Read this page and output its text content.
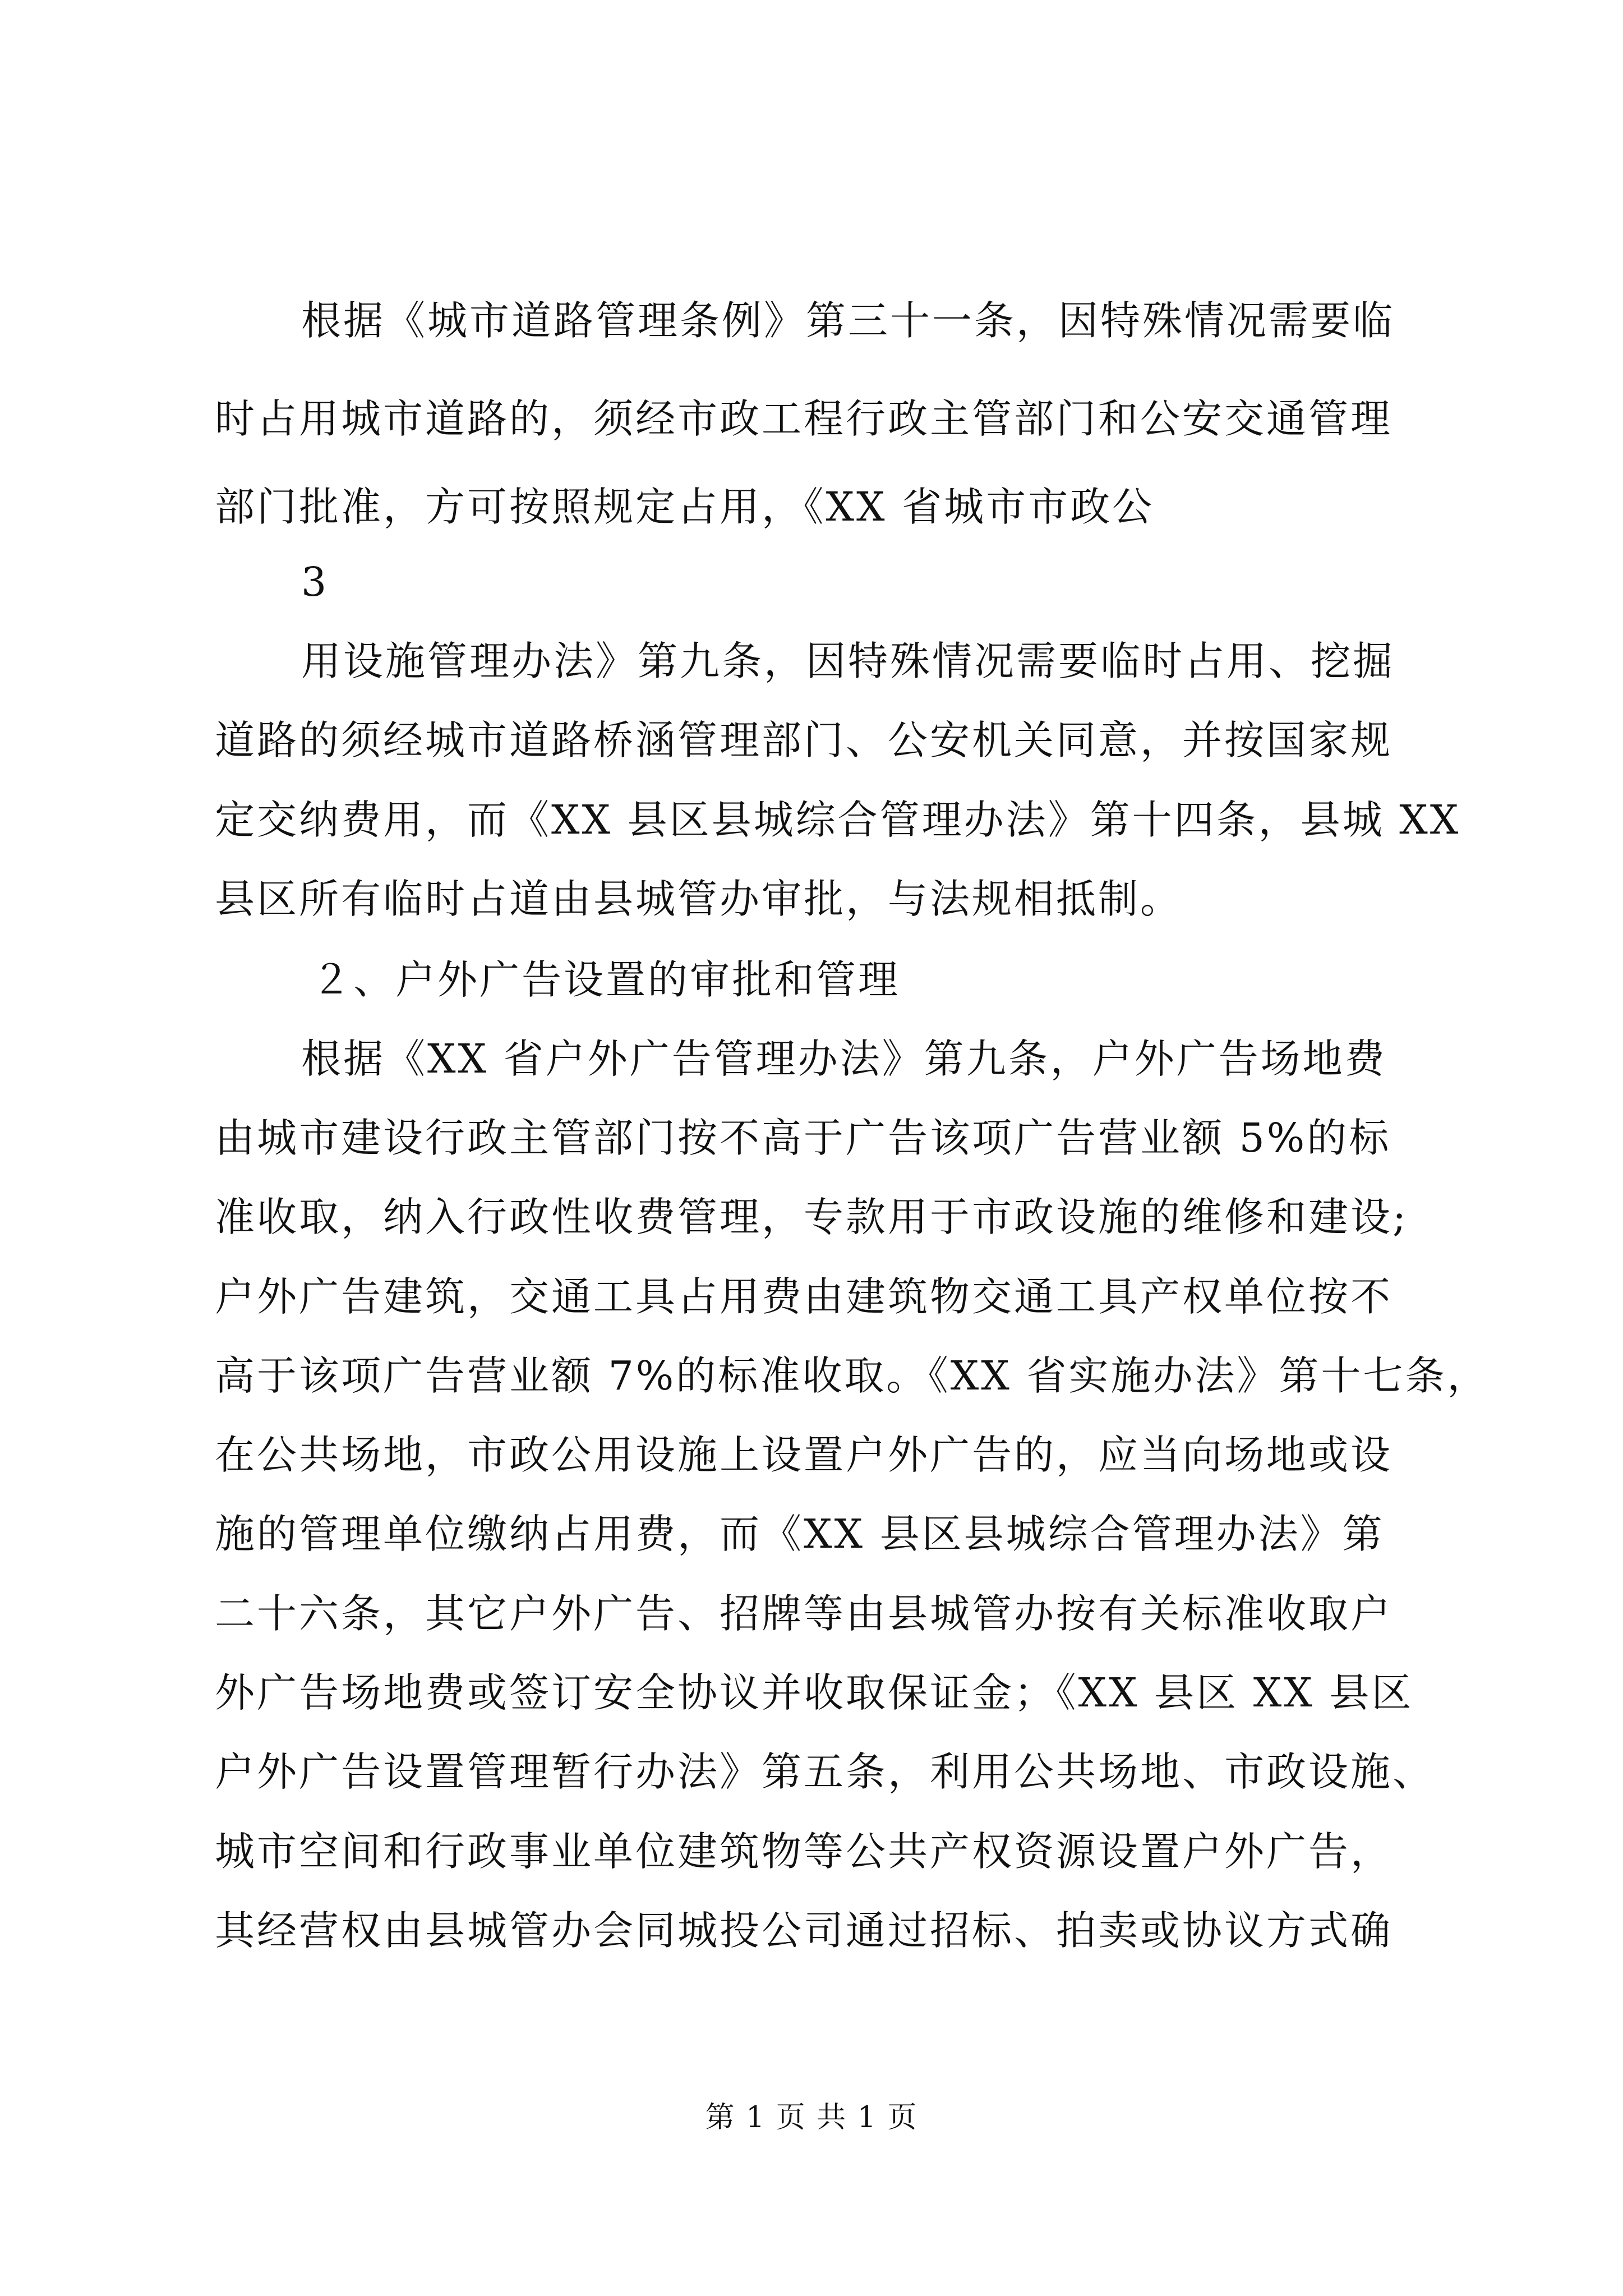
根据《城市道路管理条例》第三十一条，因特殊情况需要临
时占用城市道路的，须经市政工程行政主管部门和公安交通管理
部门批准，方可按照规定占用，《XX 省城市市政公
3
用设施管理办法》第九条，因特殊情况需要临时占用、挖掘
道路的须经城市道路桥涵管理部门、公安机关同意，并按国家规
定交纳费用，而《XX 县区县城综合管理办法》第十四条，县城 XX
县区所有临时占道由县城管办审批，与法规相抵制。
２、户外广告设置的审批和管理
根据《XX 省户外广告管理办法》第九条，户外广告场地费
由城市建设行政主管部门按不高于广告该项广告营业额 5%的标
准收取，纳入行政性收费管理，专款用于市政设施的维修和建设;
户外广告建筑，交通工具占用费由建筑物交通工具产权单位按不
高于该项广告营业额 7%的标准收取。《XX 省实施办法》第十七条，
在公共场地，市政公用设施上设置户外广告的，应当向场地或设
施的管理单位缴纳占用费，而《XX 县区县城综合管理办法》第
二十六条，其它户外广告、招牌等由县城管办按有关标准收取户
外广告场地费或签订安全协议并收取保证金；《XX 县区 XX 县区
户外广告设置管理暂行办法》第五条，利用公共场地、市政设施、
城市空间和行政事业单位建筑物等公共产权资源设置户外广告，
其经营权由县城管办会同城投公司通过招标、拍卖或协议方式确
第 1 页 共 1 页
